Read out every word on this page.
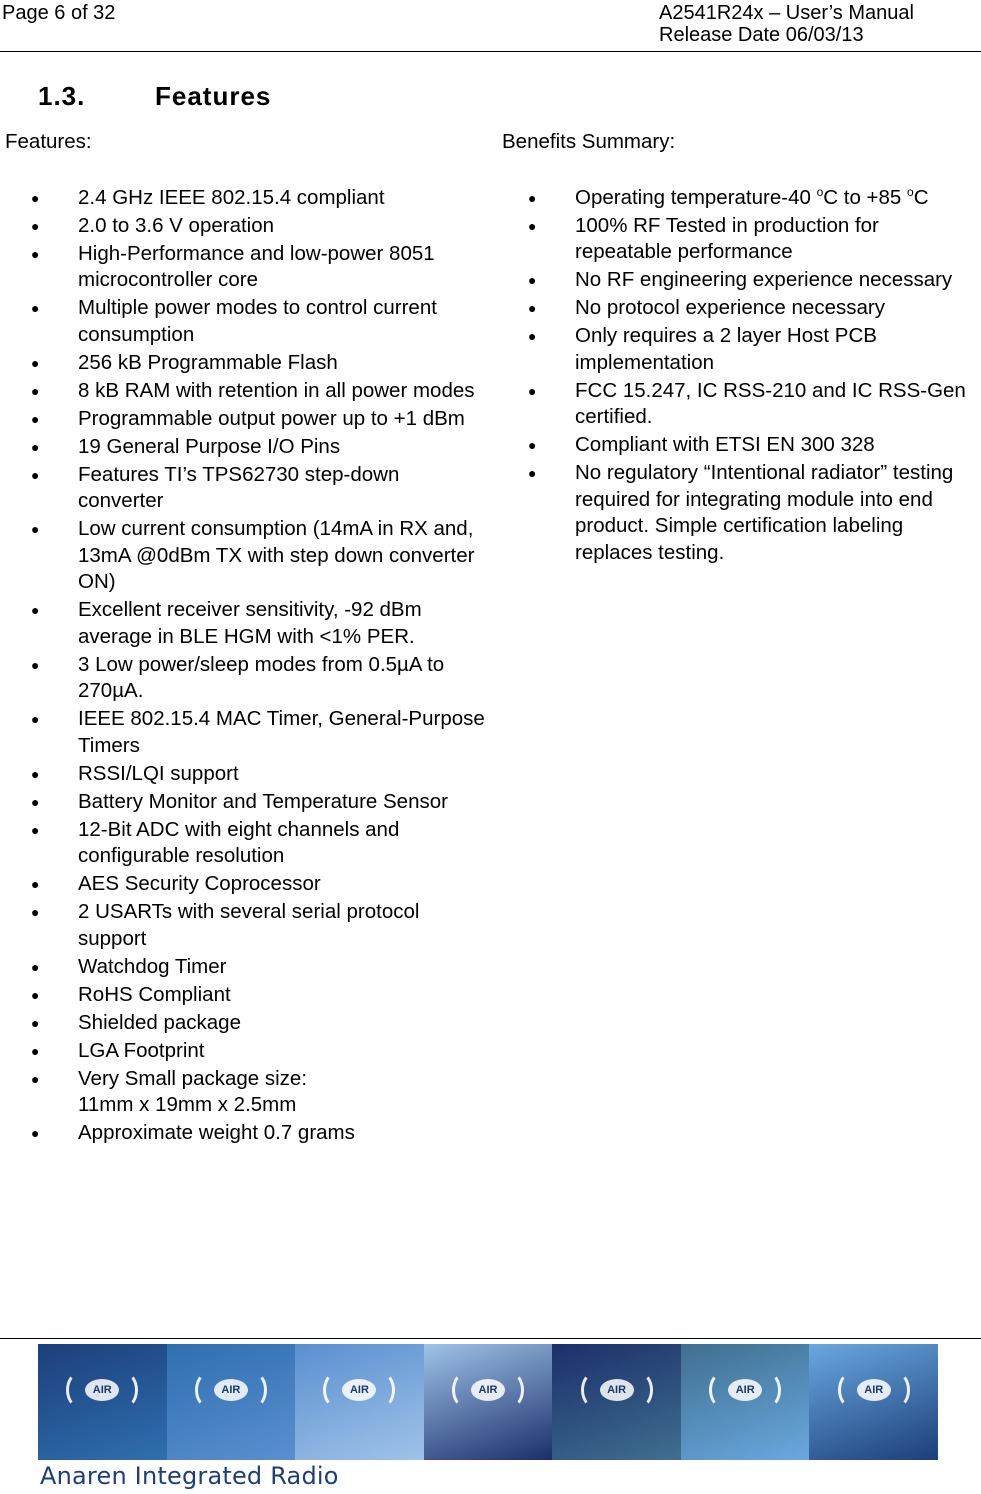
Page 6 of 32	A2541R24x – User’s Manual
Release Date 06/03/13
1.3.	Features
Features:
● 2.4 GHz IEEE 802.15.4 compliant
● 2.0 to 3.6 V operation
● High-Performance and low-power 8051 microcontroller core
● Multiple power modes to control current consumption
● 256 kB Programmable Flash
● 8 kB RAM with retention in all power modes
● Programmable output power up to +1 dBm
● 19 General Purpose I/O Pins
● Features TI’s TPS62730 step-down converter
● Low current consumption (14mA in RX and, 13mA @0dBm TX with step down converter ON)
● Excellent receiver sensitivity, -92 dBm average in BLE HGM with <1% PER.
● 3 Low power/sleep modes from 0.5µA to 270µA.
● IEEE 802.15.4 MAC Timer, General-Purpose Timers
● RSSI/LQI support
● Battery Monitor and Temperature Sensor
● 12-Bit ADC with eight channels and configurable resolution
● AES Security Coprocessor
● 2 USARTs with several serial protocol support
● Watchdog Timer
● RoHS Compliant
● Shielded package
● LGA Footprint
● Very Small package size:
11mm x 19mm x 2.5mm
● Approximate weight 0.7 grams
Benefits Summary:
● Operating temperature-40 $^o$C to +85 $^o$C
● 100% RF Tested in production for repeatable performance
● No RF engineering experience necessary
● No protocol experience necessary
● Only requires a 2 layer Host PCB implementation
● FCC 15.247, IC RSS-210 and IC RSS-Gen certified.
● Compliant with ETSI EN 300 328
● No regulatory “Intentional radiator” testing required for integrating module into end product. Simple certification labeling replaces testing.
AIR	AIR	AIR	AIR	AIR	AIR	AIR
Anaren Integrated Radio
